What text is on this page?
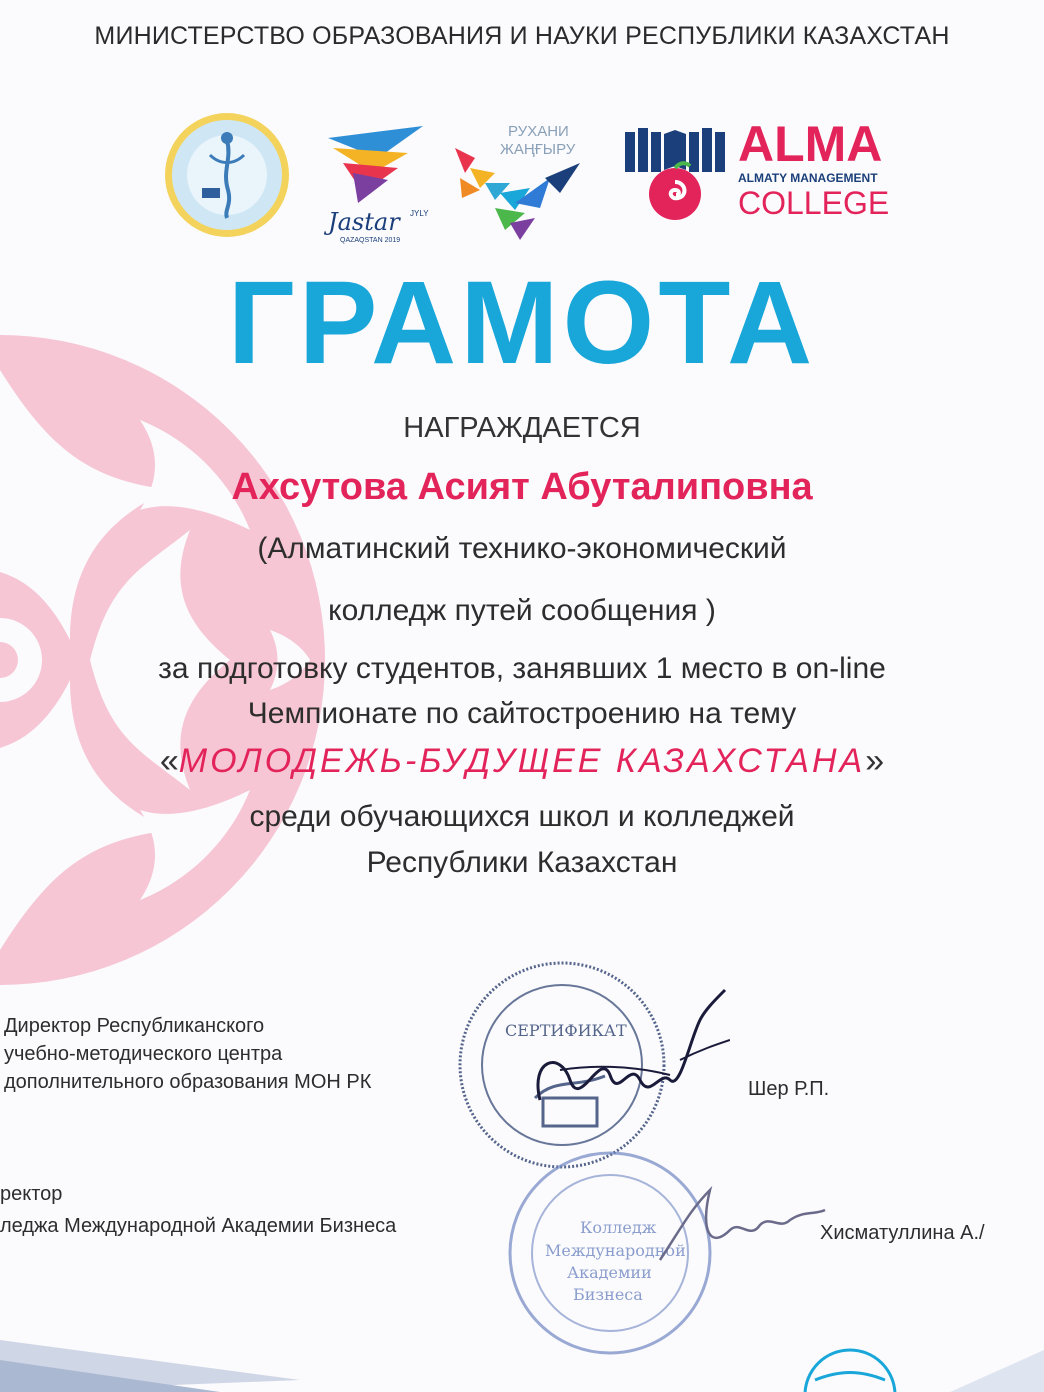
МИНИСТЕРСТВО ОБРАЗОВАНИЯ И НАУКИ РЕСПУБЛИКИ КАЗАХСТАН
Jastar JYLY
QAZAQSTAN 2019
РУХАНИ
ЖАҢҒЫРУ	ALMA
ALMATY MANAGEMENT
COLLEGE
ГРАМОТА
НАГРАЖДАЕТСЯ
Ахсутова Асият Абуталиповна
(Алматинский технико-экономический
колледж путей сообщения )
за подготовку студентов, занявших 1 место в on-line
Чемпионате по сайтостроению на тему
«МОЛОДЕЖЬ-БУДУЩЕЕ КАЗАХСТАНА»
среди обучающихся школ и колледжей
Республики Казахстан
Директор Республиканского
учебно-методического центра
дополнительного образования МОН РК	Шер Р.П.
СЕРТИФИКАТ
ректор
леджа Международной Академии Бизнеса	Хисматуллина А./
Колледж
Международной
Академии
Бизнеса
